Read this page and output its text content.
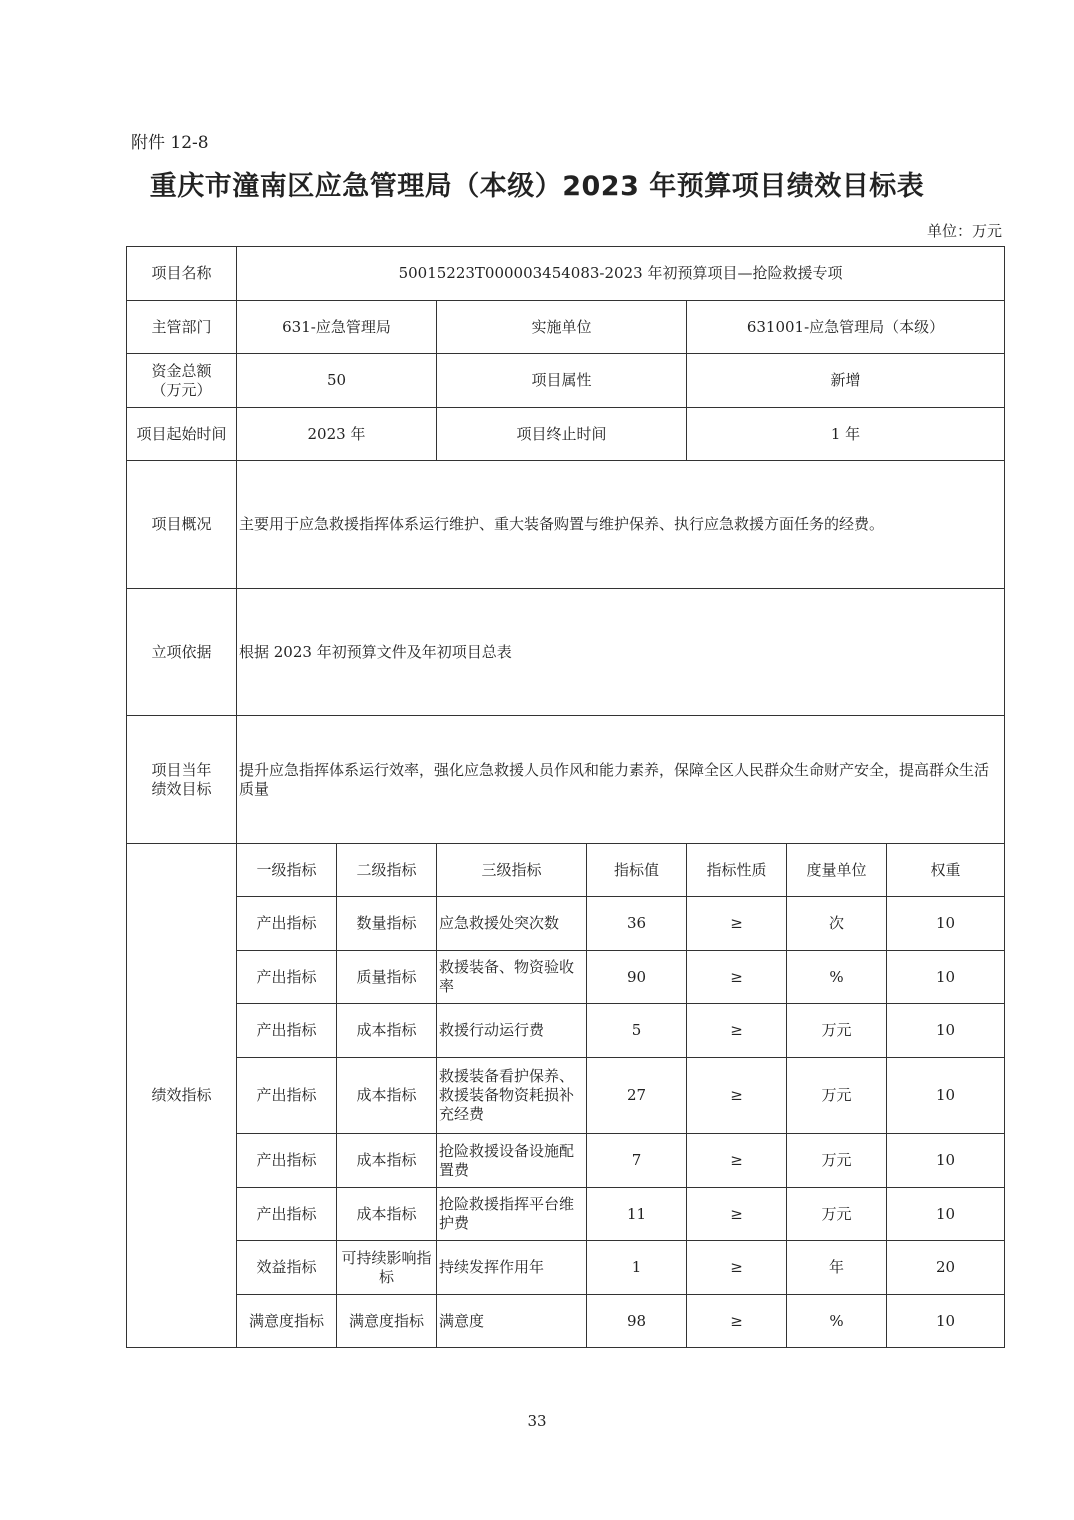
附件 12-8
重庆市潼南区应急管理局（本级）2023 年预算项目绩效目标表
单位：万元
项目名称	50015223T000003454083-2023 年初预算项目—抢险救援专项						
主管部门	631-应急管理局		实施单位		631001-应急管理局（本级）		
资金总额
（万元）	50		项目属性		新增		
项目起始时间	2023 年		项目终止时间		1 年		
项目概况	主要用于应急救援指挥体系运行维护、重大装备购置与维护保养、执行应急救援方面任务的经费。						
立项依据	根据 2023 年初预算文件及年初项目总表						
项目当年
绩效目标	提升应急指挥体系运行效率，强化应急救援人员作风和能力素养，保障全区人民群众生命财产安全，提高群众生活质量						
绩效指标	一级指标	二级指标	三级指标	指标值	指标性质	度量单位	权重
	产出指标	数量指标	应急救援处突次数	36	≥	次	10
	产出指标	质量指标	救援装备、物资验收率	90	≥	%	10
	产出指标	成本指标	救援行动运行费	5	≥	万元	10
	产出指标	成本指标	救援装备看护保养、救援装备物资耗损补充经费	27	≥	万元	10
	产出指标	成本指标	抢险救援设备设施配置费	7	≥	万元	10
	产出指标	成本指标	抢险救援指挥平台维护费	11	≥	万元	10
	效益指标	可持续影响指标	持续发挥作用年	1	≥	年	20
	满意度指标	满意度指标	满意度	98	≥	%	10
33
